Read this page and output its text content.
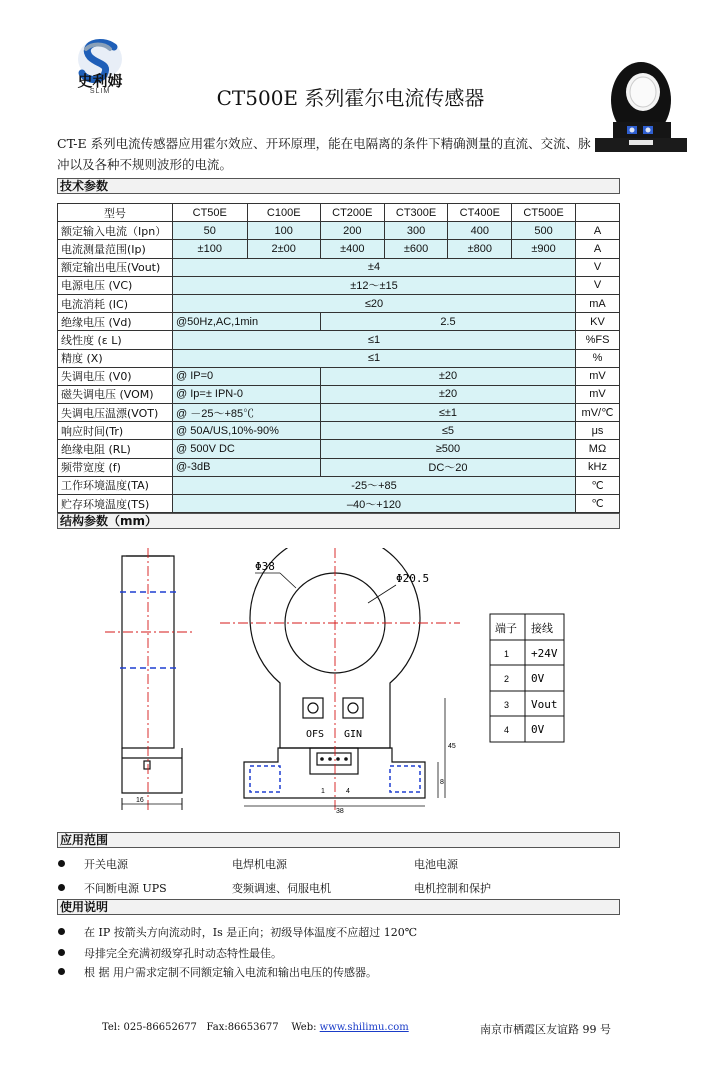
史利姆
SLIM	CT500E 系列霍尔电流传感器
CT-E 系列电流传感器应用霍尔效应、开环原理，能在电隔离的条件下精确测量的直流、交流、脉冲以及各种不规则波形的电流。
技术参数
型号	CT50E	C100E	CT200E	CT300E	CT400E	CT500E	
额定输入电流（Ipn）	50	100	200	300	400	500	A
电流测量范围(Ip)	±100	2±00	±400	±600	±800	±900	A
额定输出电压(Vout)	±4						V
电源电压 (VC)	±12～±15						V
电流消耗 (IC)	≤20						mA
绝缘电压 (Vd)	@50Hz,AC,1min		2.5				KV
线性度 (ε L)	≤1						%FS
精度 (X)	≤1						%
失调电压 (V0)	@ IP=0		±20				mV
磁失调电压 (VOM)	@ Ip=± IPN-0		±20				mV
失调电压温漂(VOT)	@ －25～+85℃		≤±1				mV/℃
响应时间(Tr)	@ 50A/US,10%-90%		≤5				μs
绝缘电阻 (RL)	@ 500V DC		≥500				MΩ
频带宽度 (f)	@-3dB		DC～20				kHz
工作环境温度(TA)	-25～+85						℃
贮存环境温度(TS)	–40～+120						℃
结构参数（mm）
16
OFS GIN
1	4
Φ38
Φ20.5
45
38
8
端子 接线
1 +24V
2 0V
3 Vout
4 0V
应用范围
开关电源	电焊机电源	电池电源
不间断电源 UPS	变频调速、伺服电机	电机控制和保护
使用说明
在 IP 按箭头方向流动时，Is 是正向；初级导体温度不应超过 120℃
母排完全充满初级穿孔时动态特性最佳。
根 据 用户需求定制不同额定输入电流和输出电压的传感器。
Tel: 025-86652677 Fax:86653677 Web: www.shilimu.com	南京市栖霞区友谊路 99 号
